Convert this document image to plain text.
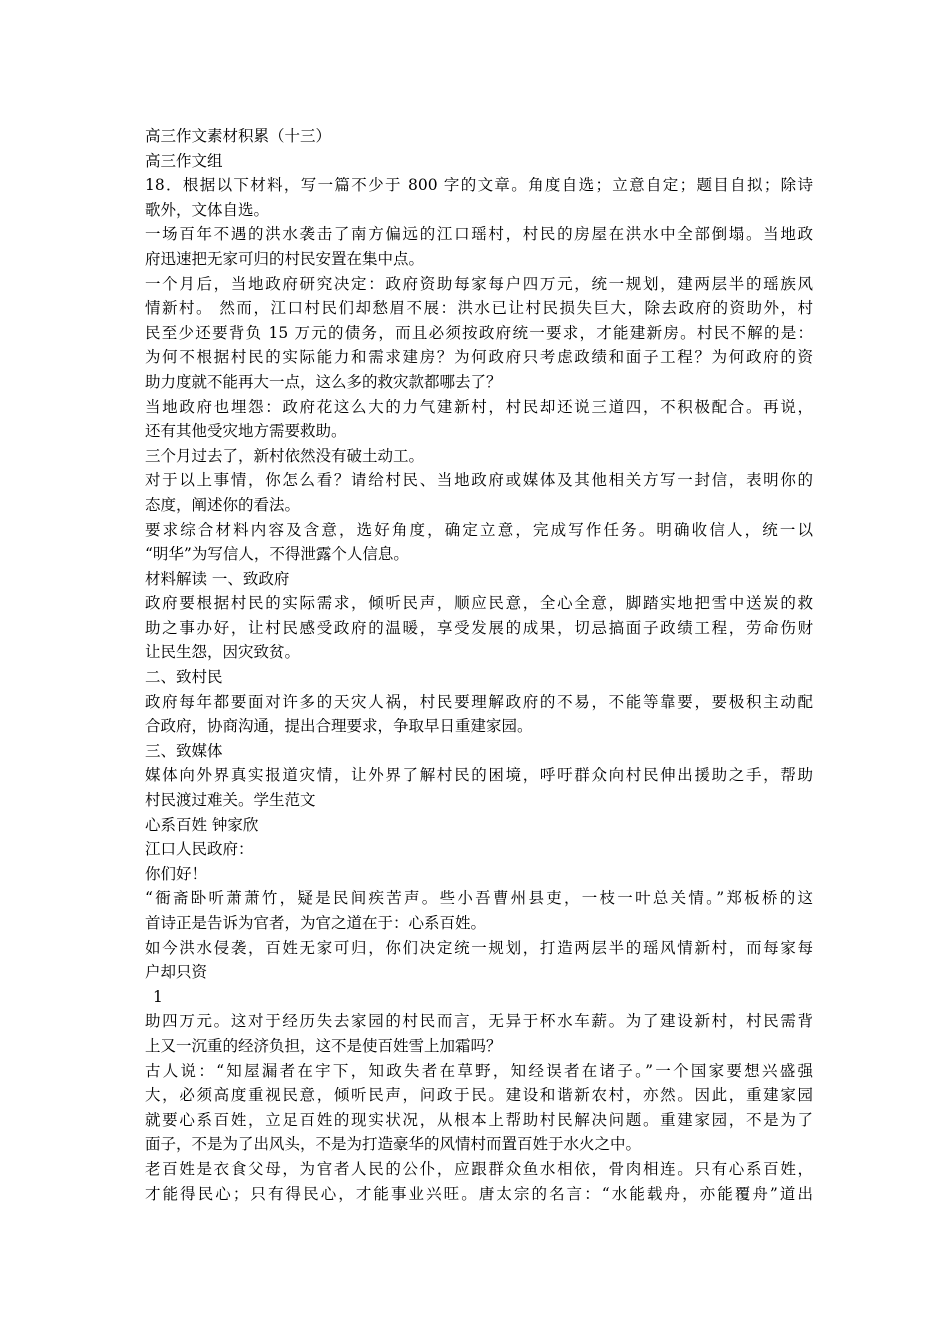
高三作文素材积累（十三）
高三作文组
18．根据以下材料，写一篇不少于 800 字的文章。角度自选；立意自定；题目自拟；除诗
歌外，文体自选。
一场百年不遇的洪水袭击了南方偏远的江口瑶村，村民的房屋在洪水中全部倒塌。当地政
府迅速把无家可归的村民安置在集中点。
一个月后，当地政府研究决定：政府资助每家每户四万元，统一规划，建两层半的瑶族风
情新村。 然而，江口村民们却愁眉不展：洪水已让村民损失巨大，除去政府的资助外，村
民至少还要背负 15 万元的债务，而且必须按政府统一要求，才能建新房。村民不解的是：
为何不根据村民的实际能力和需求建房？为何政府只考虑政绩和面子工程？为何政府的资
助力度就不能再大一点，这么多的救灾款都哪去了？
当地政府也埋怨：政府花这么大的力气建新村，村民却还说三道四，不积极配合。再说，
还有其他受灾地方需要救助。
三个月过去了，新村依然没有破土动工。
对于以上事情，你怎么看？请给村民、当地政府或媒体及其他相关方写一封信，表明你的
态度，阐述你的看法。
要求综合材料内容及含意，选好角度，确定立意，完成写作任务。明确收信人，统一以
“明华”为写信人，不得泄露个人信息。
材料解读 一、致政府
政府要根据村民的实际需求，倾听民声，顺应民意，全心全意，脚踏实地把雪中送炭的救
助之事办好，让村民感受政府的温暖，享受发展的成果，切忌搞面子政绩工程，劳命伤财
让民生怨，因灾致贫。
二、致村民
政府每年都要面对许多的天灾人祸，村民要理解政府的不易，不能等靠要，要极积主动配
合政府，协商沟通，提出合理要求，争取早日重建家园。
三、致媒体
媒体向外界真实报道灾情，让外界了解村民的困境，呼吁群众向村民伸出援助之手，帮助
村民渡过难关。学生范文
心系百姓 钟家欣
江口人民政府：
你们好！
“衙斋卧听萧萧竹，疑是民间疾苦声。些小吾曹州县吏，一枝一叶总关情。”郑板桥的这
首诗正是告诉为官者，为官之道在于：心系百姓。
如今洪水侵袭，百姓无家可归，你们决定统一规划，打造两层半的瑶风情新村，而每家每
户却只资
1
助四万元。这对于经历失去家园的村民而言，无异于杯水车薪。为了建设新村，村民需背
上又一沉重的经济负担，这不是使百姓雪上加霜吗？
古人说：“知屋漏者在宇下，知政失者在草野，知经误者在诸子。”一个国家要想兴盛强
大，必须高度重视民意，倾听民声，问政于民。建设和谐新农村，亦然。因此，重建家园
就要心系百姓，立足百姓的现实状况，从根本上帮助村民解决问题。重建家园，不是为了
面子，不是为了出风头，不是为打造豪华的风情村而置百姓于水火之中。
老百姓是衣食父母，为官者人民的公仆，应跟群众鱼水相依，骨肉相连。只有心系百姓，
才能得民心；只有得民心，才能事业兴旺。唐太宗的名言：“水能载舟，亦能覆舟”道出
